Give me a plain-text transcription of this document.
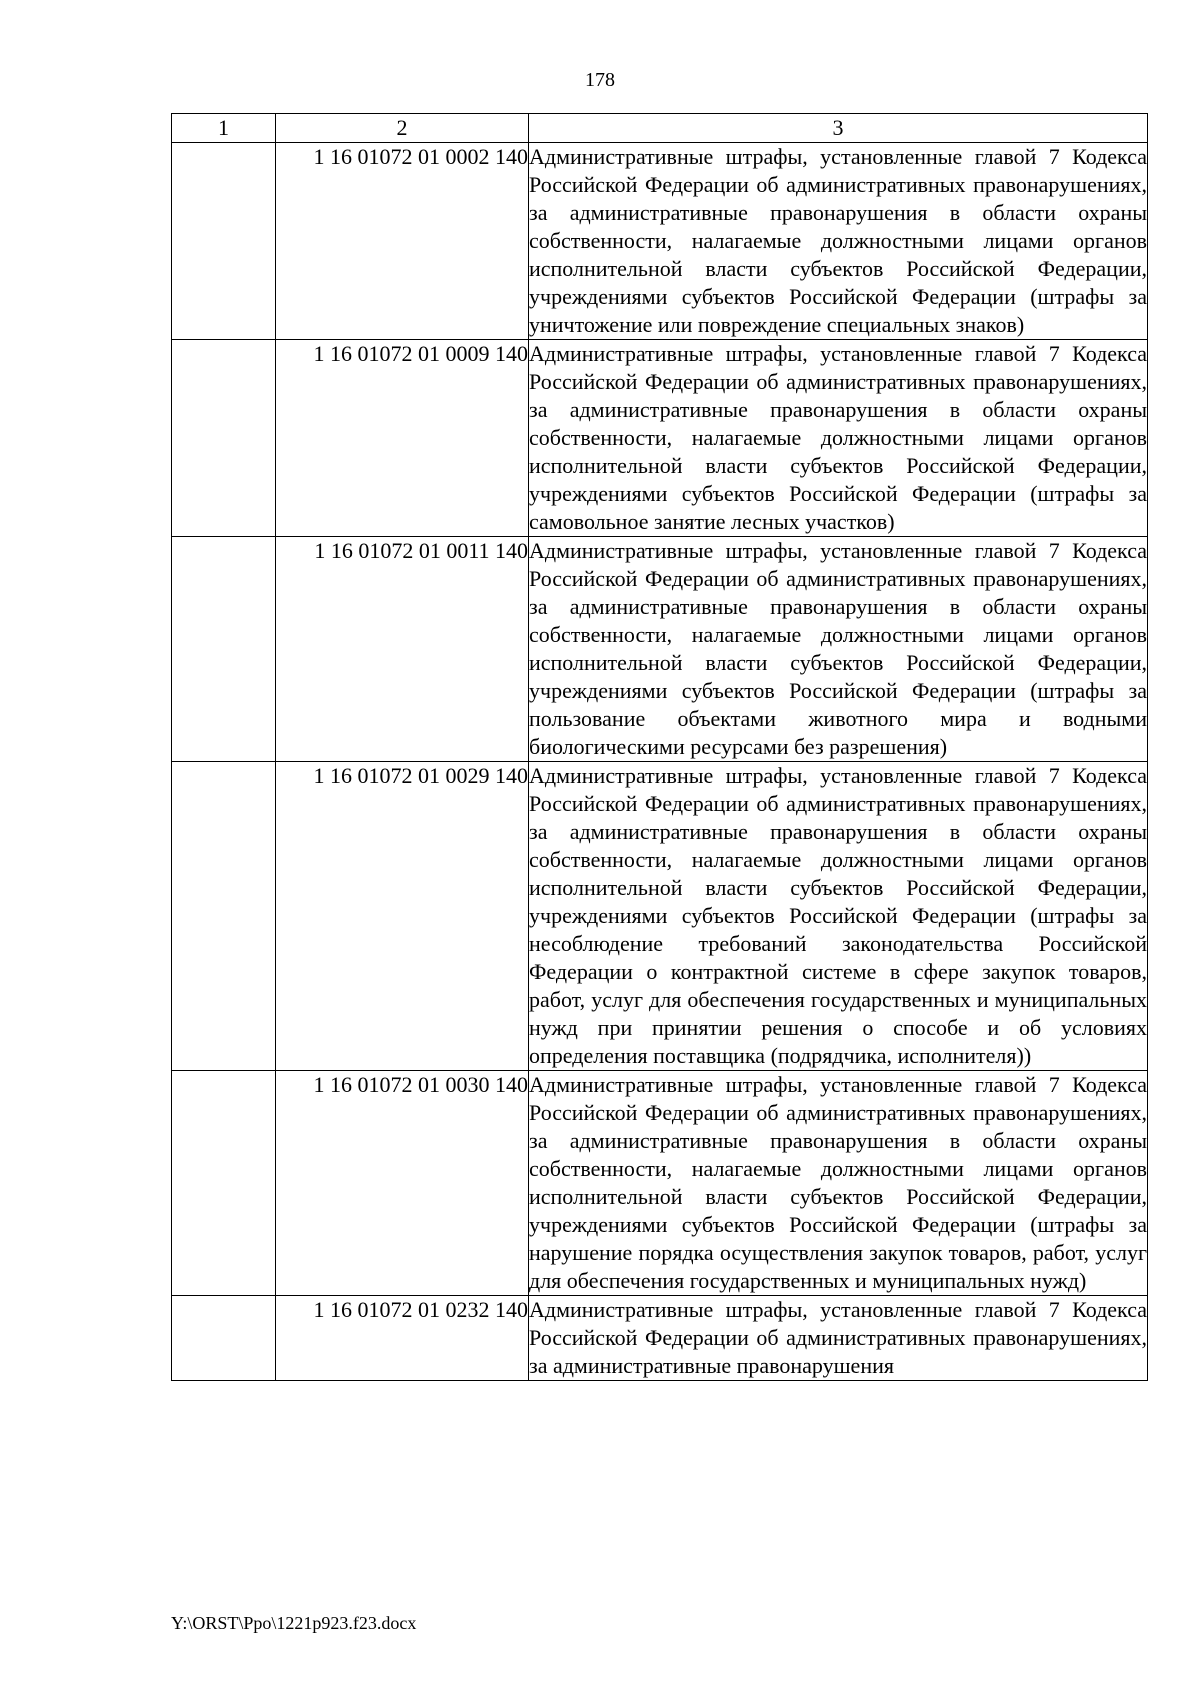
178
1	2	3
	1 16 01072 01 0002 140	Административные штрафы, установленные главой 7 Кодекса Российской Федерации об административных правонарушениях, за административные правонарушения в области охраны собственности, налагаемые должностными лицами органов исполнительной власти субъектов Российской Федерации, учреждениями субъектов Российской Федерации (штрафы за уничтожение или повреждение специальных знаков)
	1 16 01072 01 0009 140	Административные штрафы, установленные главой 7 Кодекса Российской Федерации об административных правонарушениях, за административные правонарушения в области охраны собственности, налагаемые должностными лицами органов исполнительной власти субъектов Российской Федерации, учреждениями субъектов Российской Федерации (штрафы за самовольное занятие лесных участков)
	1 16 01072 01 0011 140	Административные штрафы, установленные главой 7 Кодекса Российской Федерации об административных правонарушениях, за административные правонарушения в области охраны собственности, налагаемые должностными лицами органов исполнительной власти субъектов Российской Федерации, учреждениями субъектов Российской Федерации (штрафы за пользование объектами животного мира и водными биологическими ресурсами без разрешения)
	1 16 01072 01 0029 140	Административные штрафы, установленные главой 7 Кодекса Российской Федерации об административных правонарушениях, за административные правонарушения в области охраны собственности, налагаемые должностными лицами органов исполнительной власти субъектов Российской Федерации, учреждениями субъектов Российской Федерации (штрафы за несоблюдение требований законодательства Российской Федерации о контрактной системе в сфере закупок товаров, работ, услуг для обеспечения государственных и муниципальных нужд при принятии решения о способе и об условиях определения поставщика (подрядчика, исполнителя))
	1 16 01072 01 0030 140	Административные штрафы, установленные главой 7 Кодекса Российской Федерации об административных правонарушениях, за административные правонарушения в области охраны собственности, налагаемые должностными лицами органов исполнительной власти субъектов Российской Федерации, учреждениями субъектов Российской Федерации (штрафы за нарушение порядка осуществления закупок товаров, работ, услуг для обеспечения государственных и муниципальных нужд)
	1 16 01072 01 0232 140	Административные штрафы, установленные главой 7 Кодекса Российской Федерации об административных правонарушениях, за административные правонарушения
Y:\ORST\Ppo\1221p923.f23.docx
